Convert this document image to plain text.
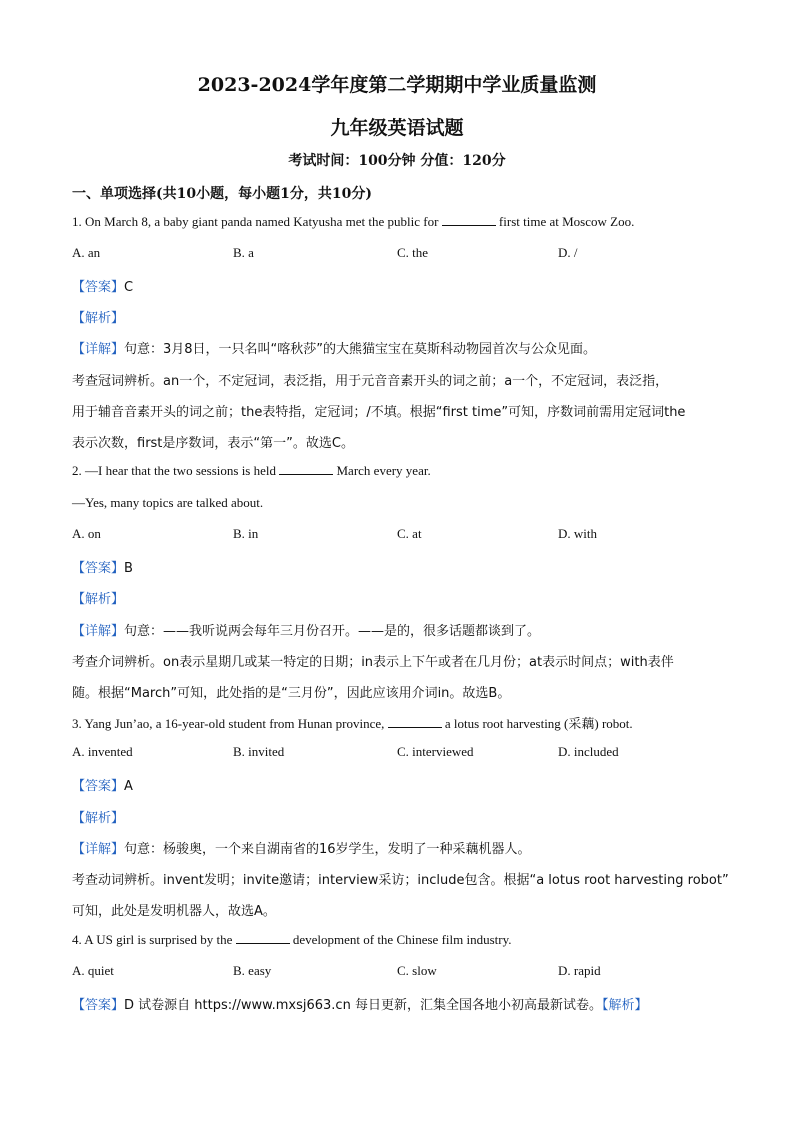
2023-2024学年度第二学期期中学业质量监测
九年级英语试题
考试时间：100分钟 分值：120分
一、单项选择(共10小题，每小题1分，共10分)
1. On March 8, a baby giant panda named Katyusha met the public for	first time at Moscow Zoo.
A. an	B. a	C. the	D. /
【答案】C
【解析】
【详解】句意：3月8日，一只名叫“喀秋莎”的大熊猫宝宝在莫斯科动物园首次与公众见面。
考查冠词辨析。an一个，不定冠词，表泛指，用于元音音素开头的词之前；a一个，不定冠词，表泛指，
用于辅音音素开头的词之前；the表特指，定冠词；/不填。根据“first time”可知，序数词前需用定冠词the
表示次数，first是序数词，表示“第一”。故选C。
2. —I hear that the two sessions is held	March every year.
—Yes, many topics are talked about.
A. on	B. in	C. at	D. with
【答案】B
【解析】
【详解】句意：——我听说两会每年三月份召开。——是的，很多话题都谈到了。
考查介词辨析。on表示星期几或某一特定的日期；in表示上下午或者在几月份；at表示时间点；with表伴
随。根据“March”可知，此处指的是“三月份”，因此应该用介词in。故选B。
3. Yang Jun’ao, a 16-year-old student from Hunan province,	a lotus root harvesting (采藕) robot.
A. invented	B. invited	C. interviewed	D. included
【答案】A
【解析】
【详解】句意：杨骏奥，一个来自湖南省的16岁学生，发明了一种采藕机器人。
考查动词辨析。invent发明；invite邀请；interview采访；include包含。根据“a lotus root harvesting robot”
可知，此处是发明机器人，故选A。
4. A US girl is surprised by the	development of the Chinese film industry.
A. quiet	B. easy	C. slow	D. rapid
【答案】D 试卷源自 https://www.mxsj663.cn 每日更新，汇集全国各地小初高最新试卷。【解析】
